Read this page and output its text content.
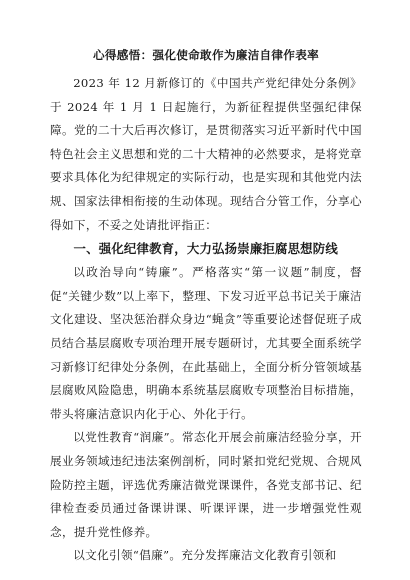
心得感悟：强化使命敢作为廉洁自律作表率

2023 年 12 月新修订的《中国共产党纪律处分条例》于 2024 年 1 月 1 日起施行，为新征程提供坚强纪律保障。党的二十大后再次修订，是贯彻落实习近平新时代中国特色社会主义思想和党的二十大精神的必然要求，是将党章要求具体化为纪律规定的实际行动，也是实现和其他党内法规、国家法律相衔接的生动体现。现结合分管工作，分享心得如下，不妥之处请批评指正：

一、强化纪律教育，大力弘扬崇廉拒腐思想防线

以政治导向“铸廉”。严格落实“第一议题”制度，督促“关键少数”以上率下，整理、下发习近平总书记关于廉洁文化建设、坚决惩治群众身边“蝇贪”等重要论述督促班子成员结合基层腐败专项治理开展专题研讨，尤其要全面系统学习新修订纪律处分条例，在此基础上，全面分析分管领域基层腐败风险隐患，明确本系统基层腐败专项整治目标措施，带头将廉洁意识内化于心、外化于行。

以党性教育“润廉”。常态化开展会前廉洁经验分享，开展业务领域违纪违法案例剖析，同时紧扣党纪党规、合规风险防控主题，评选优秀廉洁微党课课件，各党支部书记、纪律检查委员通过备课讲课、听课评课，进一步增强党性观念，提升党性修养。

以文化引领“倡廉”。充分发挥廉洁文化教育引领和
